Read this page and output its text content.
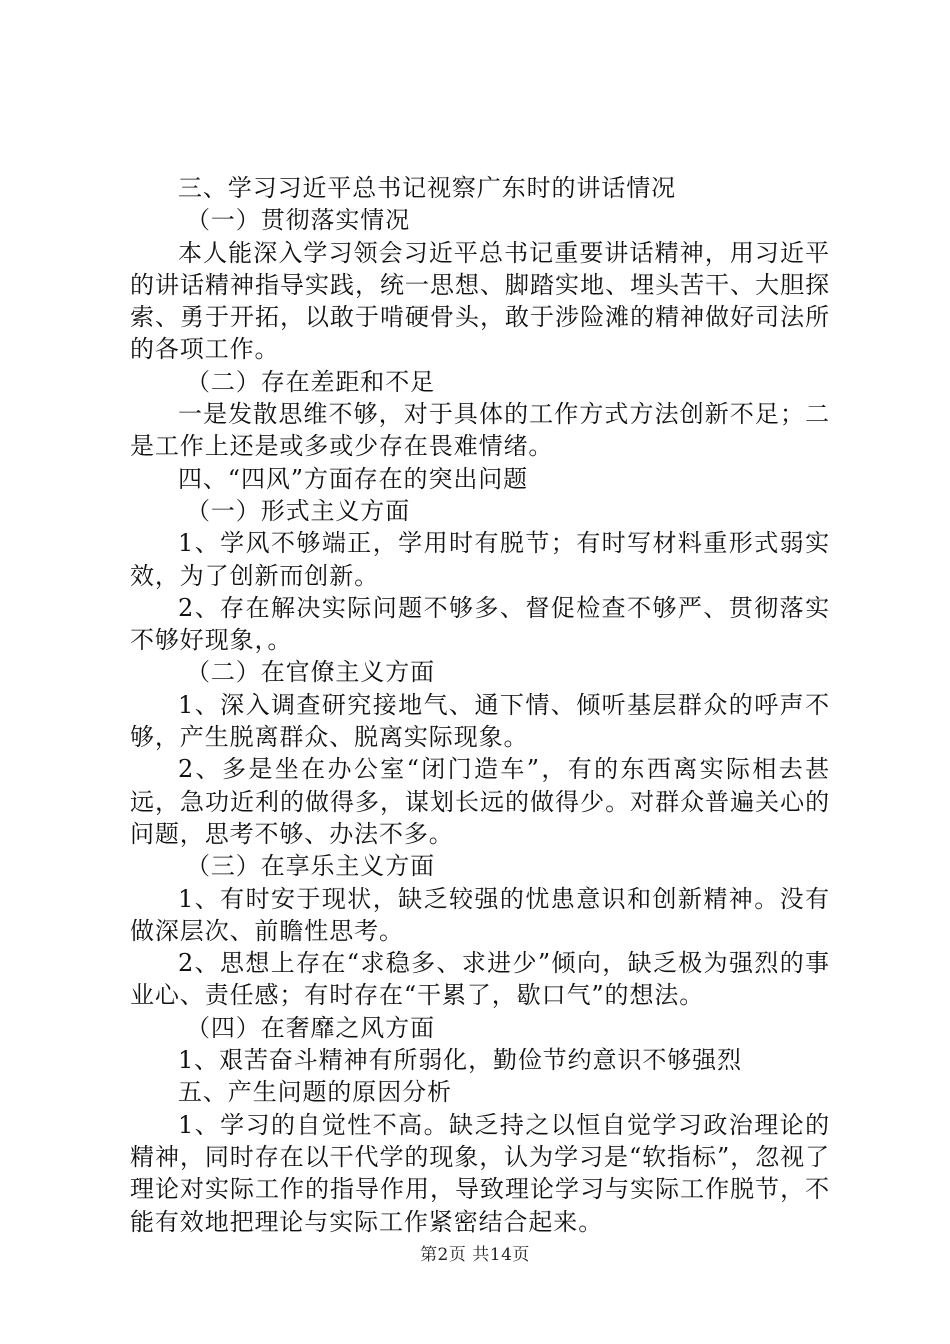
三、学习习近平总书记视察广东时的讲话情况

（一）贯彻落实情况

本人能深入学习领会习近平总书记重要讲话精神，用习近平的讲话精神指导实践，统一思想、脚踏实地、埋头苦干、大胆探索、勇于开拓，以敢于啃硬骨头，敢于涉险滩的精神做好司法所的各项工作。

（二）存在差距和不足

一是发散思维不够，对于具体的工作方式方法创新不足；二是工作上还是或多或少存在畏难情绪。

四、“四风”方面存在的突出问题

（一）形式主义方面

1、学风不够端正，学用时有脱节；有时写材料重形式弱实效，为了创新而创新。

2、存在解决实际问题不够多、督促检查不够严、贯彻落实不够好现象，。

（二）在官僚主义方面

1、深入调查研究接地气、通下情、倾听基层群众的呼声不够，产生脱离群众、脱离实际现象。

2、多是坐在办公室“闭门造车”，有的东西离实际相去甚远，急功近利的做得多，谋划长远的做得少。对群众普遍关心的问题，思考不够、办法不多。

（三）在享乐主义方面

1、有时安于现状，缺乏较强的忧患意识和创新精神。没有做深层次、前瞻性思考。

2、思想上存在“求稳多、求进少”倾向，缺乏极为强烈的事业心、责任感；有时存在“干累了，歇口气”的想法。

（四）在奢靡之风方面

1、艰苦奋斗精神有所弱化，勤俭节约意识不够强烈

五、产生问题的原因分析

1、学习的自觉性不高。缺乏持之以恒自觉学习政治理论的精神，同时存在以干代学的现象，认为学习是“软指标”，忽视了理论对实际工作的指导作用，导致理论学习与实际工作脱节，不能有效地把理论与实际工作紧密结合起来。

第2页 共14页
